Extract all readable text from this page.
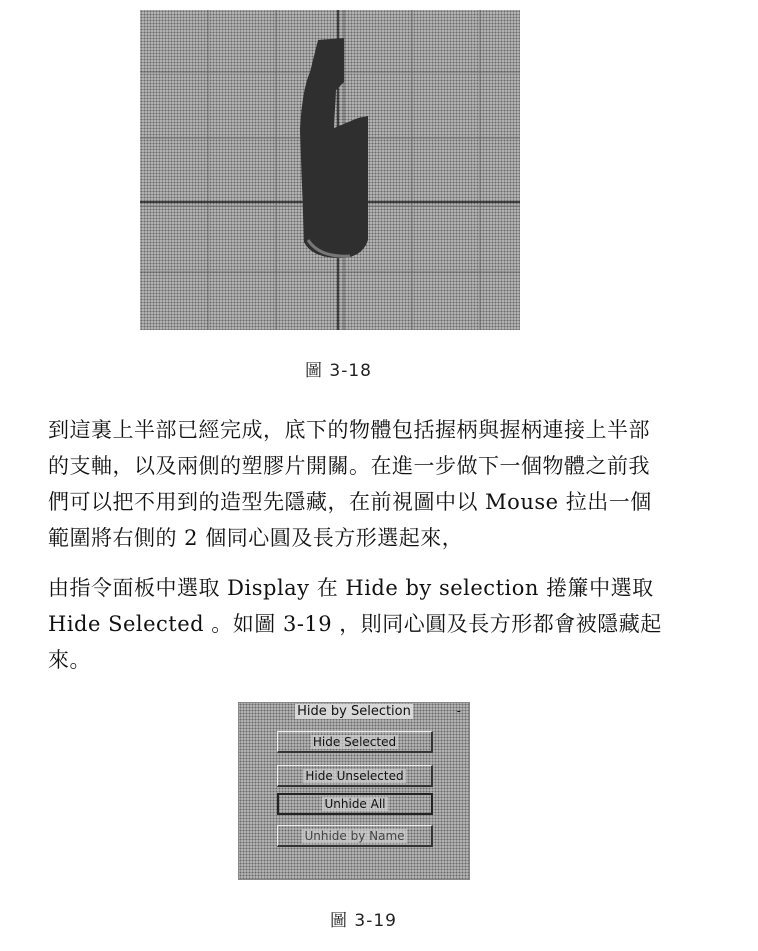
圖 3-18

到這裏上半部已經完成，底下的物體包括握柄與握柄連接上半部

的支軸，以及兩側的塑膠片開關。在進一步做下一個物體之前我

們可以把不用到的造型先隱藏，在前視圖中以 Mouse 拉出一個

範圍將右側的 2 個同心圓及長方形選起來，

由指令面板中選取 Display 在 Hide by selection 捲簾中選取

Hide Selected 。如圖 3-19 ，則同心圓及長方形都會被隱藏起

來。

Hide by Selection	-
Hide Selected
Hide Unselected
Unhide All
Unhide by Name
圖 3-19
